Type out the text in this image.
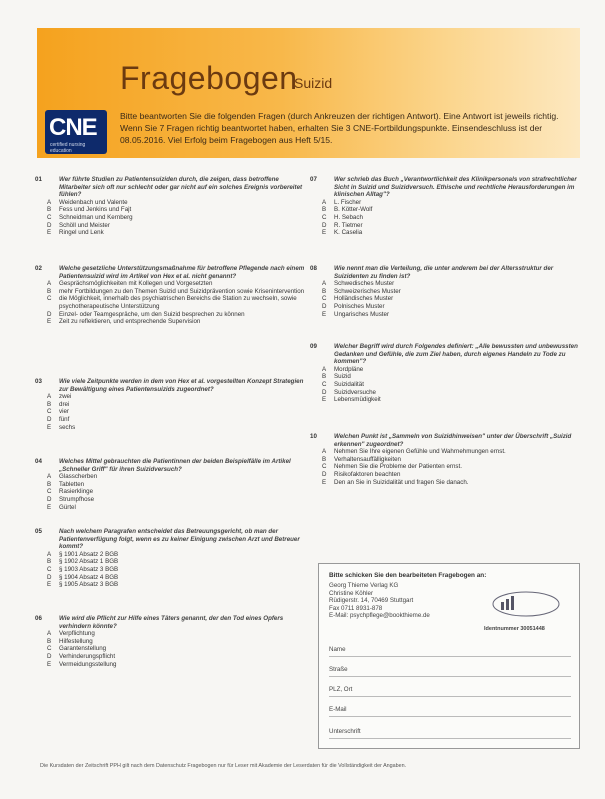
Fragebogen
Suizid
CNE
certified nursing education
Bitte beantworten Sie die folgenden Fragen (durch Ankreuzen der richtigen Antwort). Eine Antwort ist jeweils richtig. Wenn Sie 7 Fragen richtig beantwortet haben, erhalten Sie 3 CNE-Fortbildungspunkte. Einsendeschluss ist der 08.05.2016. Viel Erfolg beim Fragebogen aus Heft 5/15.
01	Wer führte Studien zu Patientensuiziden durch, die zeigen, dass betroffene Mitarbeiter sich oft nur schlecht oder gar nicht auf ein solches Ereignis vorbereitet fühlen?
A Weidenbach und Valente
B Fess und Jenkins und Fajt
C Schneidman und Kernberg
D Schöll und Meister
E Ringel und Lenk
02	Welche gesetzliche Unterstützungsmaßnahme für betroffene Pflegende nach einem Patientensuizid wird im Artikel von Hex et al. nicht genannt?
A Gesprächsmöglichkeiten mit Kollegen und Vorgesetzten
B mehr Fortbildungen zu den Themen Suizid und Suizidprävention sowie Krisenintervention
C die Möglichkeit, innerhalb des psychiatrischen Bereichs die Station zu wechseln, sowie psychotherapeutische Unterstützung
D Einzel- oder Teamgespräche, um den Suizid besprechen zu können
E Zeit zu reflektieren, und entsprechende Supervision
03	Wie viele Zeitpunkte werden in dem von Hex et al. vorgestellten Konzept Strategien zur Bewältigung eines Patientensuizids zugeordnet?
A zwei
B drei
C vier
D fünf
E sechs
04	Welches Mittel gebrauchten die Patientinnen der beiden Beispielfälle im Artikel „Schneller Griff" für ihren Suizidversuch?
A Glasscherben
B Tabletten
C Rasierklinge
D Strumpfhose
E Gürtel
05	Nach welchem Paragrafen entscheidet das Betreuungsgericht, ob man der Patientenverfügung folgt, wenn es zu keiner Einigung zwischen Arzt und Betreuer kommt?
A § 1901 Absatz 2 BGB
B § 1902 Absatz 1 BGB
C § 1903 Absatz 3 BGB
D § 1904 Absatz 4 BGB
E § 1905 Absatz 3 BGB
06	Wie wird die Pflicht zur Hilfe eines Täters genannt, der den Tod eines Opfers verhindern könnte?
A Verpflichtung
B Hilfestellung
C Garantenstellung
D Verhinderungspflicht
E Vermeidungsstellung
07	Wer schrieb das Buch „Verantwortlichkeit des Klinikpersonals von strafrechtlicher Sicht in Suizid und Suizidversuch. Ethische und rechtliche Herausforderungen im klinischen Alltag"?
A L. Fischer
B B. Kötter-Wolf
C H. Sebach
D R. Tietmer
E K. Caselia
08	Wie nennt man die Verteilung, die unter anderem bei der Altersstruktur der Suizidenten zu finden ist?
A Schwedisches Muster
B Schweizerisches Muster
C Holländisches Muster
D Polnisches Muster
E Ungarisches Muster
09	Welcher Begriff wird durch Folgendes definiert: „Alle bewussten und unbewussten Gedanken und Gefühle, die zum Ziel haben, durch eigenes Handeln zu Tode zu kommen"?
A Mordpläne
B Suizid
C Suizidalität
D Suizidversuche
E Lebensmüdigkeit
10	Welchen Punkt ist „Sammeln von Suizidhinweisen" unter der Überschrift „Suizid erkennen" zugeordnet?
A Nehmen Sie Ihre eigenen Gefühle und Wahrnehmungen ernst.
B Verhaltensauffälligkeiten
C Nehmen Sie die Probleme der Patienten ernst.
D Risikofaktoren beachten
E Den an Sie in Suizidalität und fragen Sie danach.
Bitte schicken Sie den bearbeiteten Fragebogen an:
Georg Thieme Verlag KG
Christine Köhler
Rüdigerstr. 14, 70469 Stuttgart
Fax 0711 8931-878
E-Mail: psychpflege@bookthieme.de
Identnummer 30051448
Name
Straße
PLZ, Ort
E-Mail
Unterschrift
Die Kursdaten der Zeitschrift PPH gilt nach dem Datenschutz Fragebogen nur für Leser mit Akademie der Leserdaten für die Vollständigkeit der Angaben.
